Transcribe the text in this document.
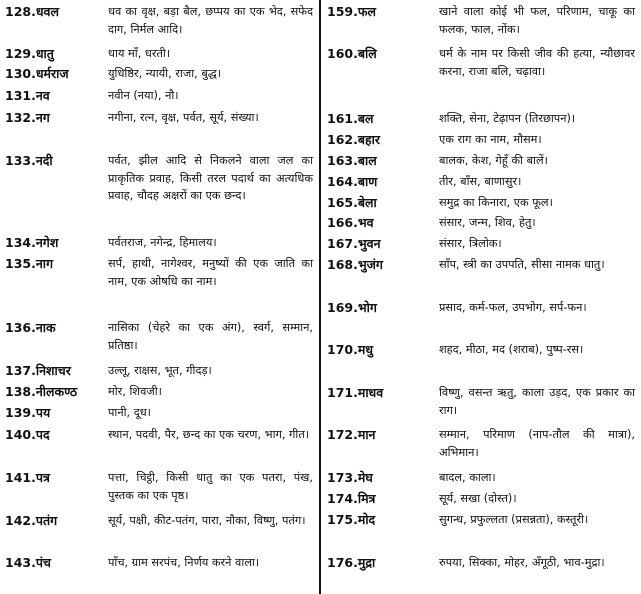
128.धवल	धव का वृक्ष, बड़ा बैल, छप्पय का एक भेद, सफेद दाग, निर्मल आदि।
129.धातु	धाय माँ, धरती।
130.धर्मराज	युधिष्ठिर, न्यायी, राजा, बुद्ध।
131.नव	नवीन (नया), नौ।
132.नग	नगीना, रत्न, वृक्ष, पर्वत, सूर्य, संख्या।
133.नदी	पर्वत, झील आदि से निकलने वाला जल का प्राकृतिक प्रवाह, किसी तरल पदार्थ का अत्यधिक प्रवाह, चौदह अक्षरों का एक छन्द।
134.नगेश	पर्वतराज, नगेन्द्र, हिमालय।
135.नाग	सर्प, हाथी, नागेश्वर, मनुष्यों की एक जाति का नाम, एक ओषधि का नाम।
136.नाक	नासिका (चेहरे का एक अंग), स्वर्ग, सम्मान, प्रतिष्ठा।
137.निशाचर	उल्लू, राक्षस, भूत, गीदड़।
138.नीलकण्ठ	मोर, शिवजी।
139.पय	पानी, दूध।
140.पद	स्थान, पदवी, पैर, छन्द का एक चरण, भाग, गीत।
141.पत्र	पत्ता, चिट्ठी, किसी धातु का एक पतरा, पंख, पुस्तक का एक पृष्ठ।
142.पतंग	सूर्य, पक्षी, कीट-पतंग, पारा, नौका, विष्णु, पतंग।
143.पंच	पाँच, ग्राम सरपंच, निर्णय करने वाला।
159.फल	खाने वाला कोई भी फल, परिणाम, चाकू का फलक, फाल, नोंक।
160.बलि	धर्म के नाम पर किसी जीव की हत्या, न्यौछावर करना, राजा बलि, चढ़ावा।
161.बल	शक्ति, सेना, टेढ़ापन (तिरछापन)।
162.बहार	एक राग का नाम, मौसम।
163.बाल	बालक, केश, गेहूँ की बालें।
164.बाण	तीर, बाँस, बाणासुर।
165.बेला	समुद्र का किनारा, एक फूल।
166.भव	संसार, जन्म, शिव, हेतु।
167.भुवन	संसार, त्रिलोक।
168.भुजंग	साँप, स्त्री का उपपति, सीसा नामक धातु।
169.भोग	प्रसाद, कर्म-फल, उपभोग, सर्प-फन।
170.मधु	शहद, मीठा, मद (शराब), पुष्प-रस।
171.माधव	विष्णु, वसन्त ऋतु, काला उड़द, एक प्रकार का राग।
172.मान	सम्मान, परिमाण (नाप-तौल की मात्रा), अभिमान।
173.मेघ	बादल, काला।
174.मित्र	सूर्य, सखा (दोस्त)।
175.मोद	सुगन्ध, प्रफुल्लता (प्रसन्नता), कस्तूरी।
176.मुद्रा	रुपया, सिक्का, मोहर, अँगूठी, भाव-मुद्रा।
